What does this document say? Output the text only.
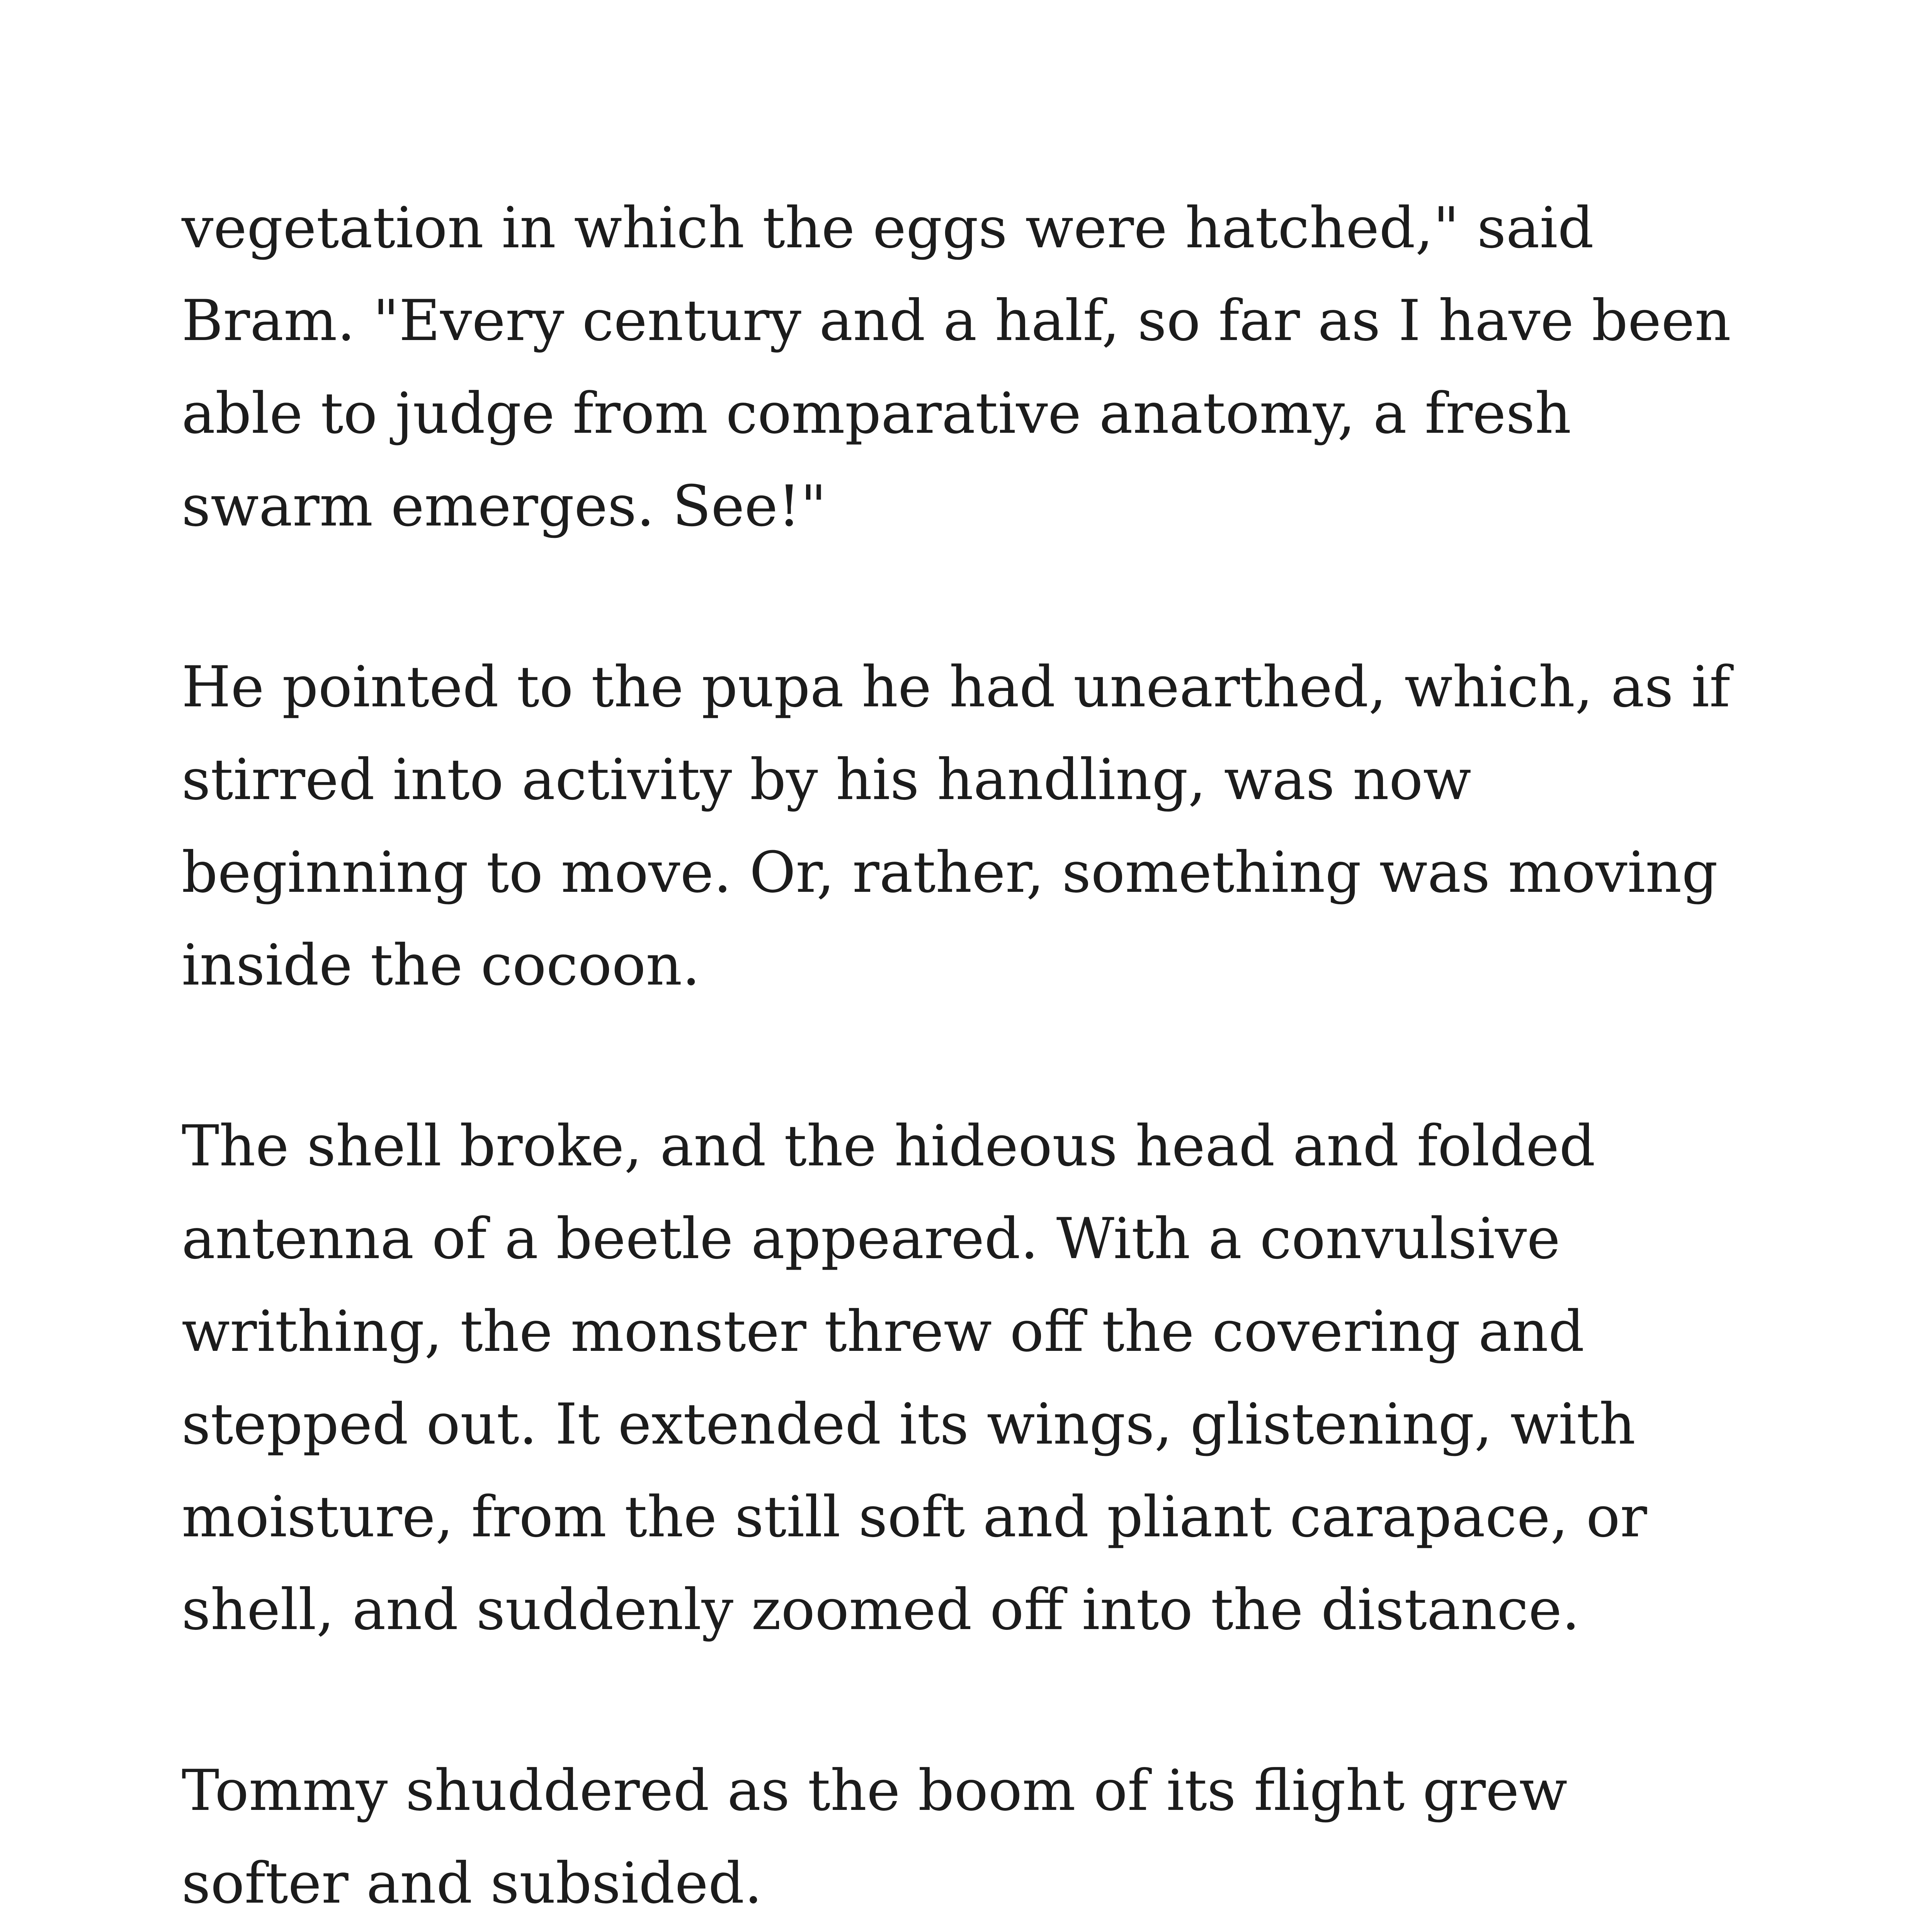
vegetation in which the eggs were hatched," said
Bram. "Every century and a half, so far as I have been
able to judge from comparative anatomy, a fresh
swarm emerges. See!"

He pointed to the pupa he had unearthed, which, as if
stirred into activity by his handling, was now
beginning to move. Or, rather, something was moving
inside the cocoon.

The shell broke, and the hideous head and folded
antenna of a beetle appeared. With a convulsive
writhing, the monster threw off the covering and
stepped out. It extended its wings, glistening, with
moisture, from the still soft and pliant carapace, or
shell, and suddenly zoomed off into the distance.

Tommy shuddered as the boom of its flight grew
softer and subsided.
